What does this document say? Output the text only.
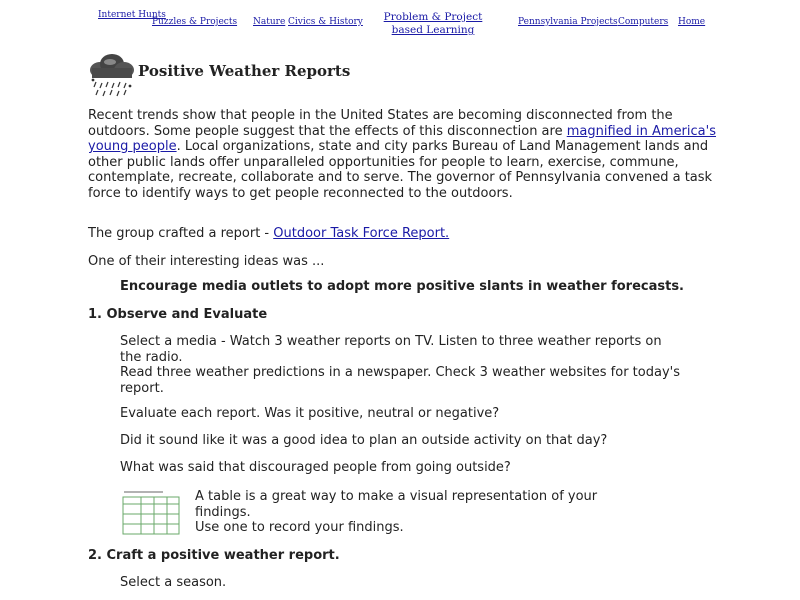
Internet Hunts
Puzzles & Projects Nature Civics & History	Problem & Project based Learning
Pennsylvania Projects Computers Home
Positive Weather Reports

Recent trends show that people in the United States are becoming disconnected from the outdoors. Some people suggest that the effects of this disconnection are magnified in America's young people. Local organizations, state and city parks Bureau of Land Management lands and other public lands offer unparalleled opportunities for people to learn, exercise, commune, contemplate, recreate, collaborate and to serve. The governor of Pennsylvania convened a task force to identify ways to get people reconnected to the outdoors.

The group crafted a report - Outdoor Task Force Report.

One of their interesting ideas was ...

Encourage media outlets to adopt more positive slants in weather forecasts.

1. Observe and Evaluate

Select a media - Watch 3 weather reports on TV. Listen to three weather reports on the radio.

Read three weather predictions in a newspaper. Check 3 weather websites for today's report.

Evaluate each report. Was it positive, neutral or negative?

Did it sound like it was a good idea to plan an outside activity on that day?

What was said that discouraged people from going outside?

A table is a great way to make a visual representation of your findings.

Use one to record your findings.

2. Craft a positive weather report.

Select a season.
